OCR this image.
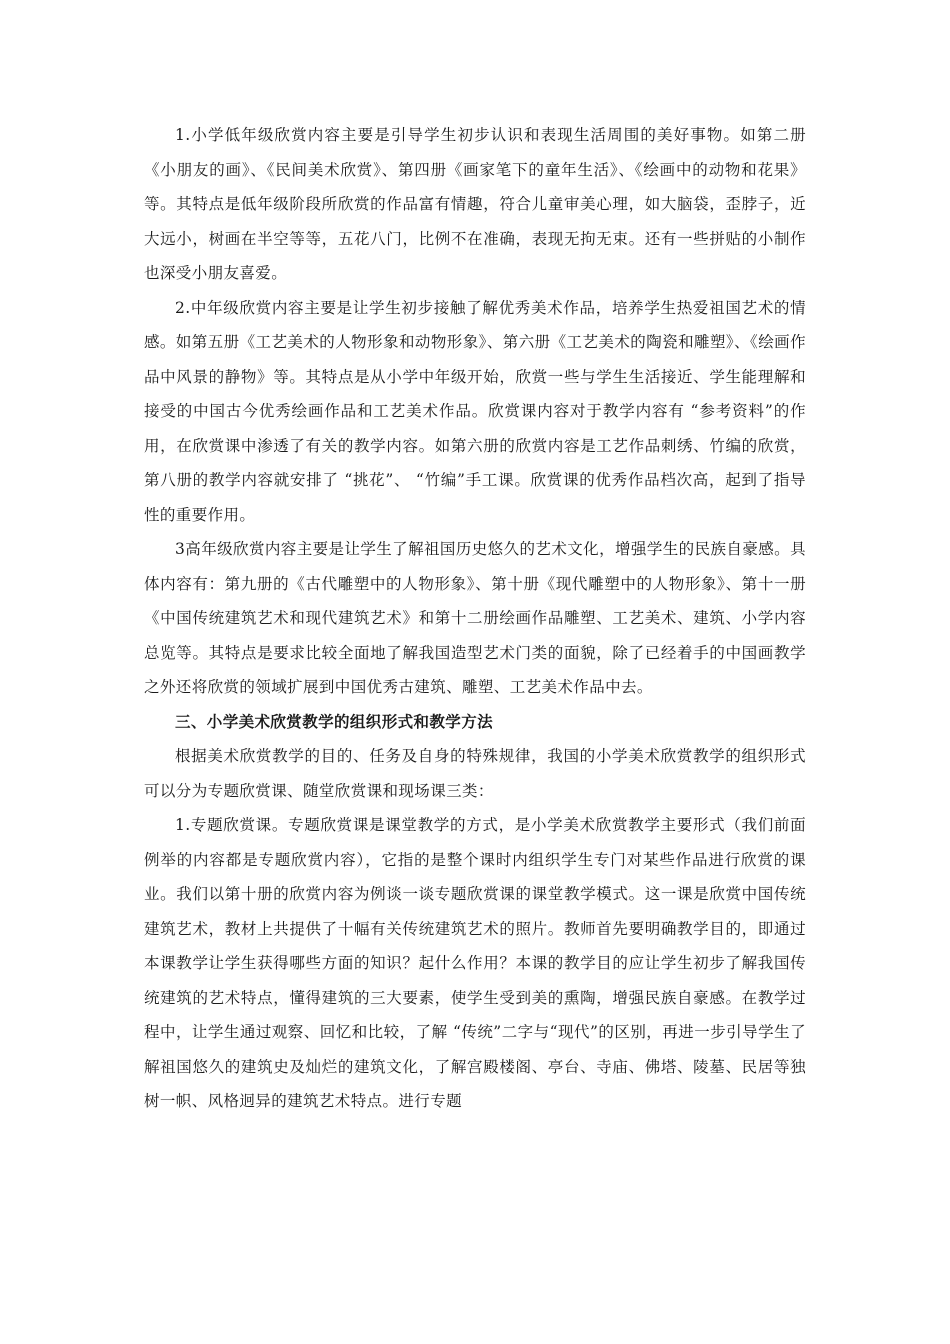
1.小学低年级欣赏内容主要是引导学生初步认识和表现生活周围的美好事物。如第二册《小朋友的画》、《民间美术欣赏》、第四册《画家笔下的童年生活》、《绘画中的动物和花果》等。其特点是低年级阶段所欣赏的作品富有情趣，符合儿童审美心理，如大脑袋，歪脖子，近大远小，树画在半空等等，五花八门，比例不在准确，表现无拘无束。还有一些拼贴的小制作也深受小朋友喜爱。

2.中年级欣赏内容主要是让学生初步接触了解优秀美术作品，培养学生热爱祖国艺术的情感。如第五册《工艺美术的人物形象和动物形象》、第六册《工艺美术的陶瓷和雕塑》、《绘画作品中风景的静物》等。其特点是从小学中年级开始，欣赏一些与学生生活接近、学生能理解和接受的中国古今优秀绘画作品和工艺美术作品。欣赏课内容对于教学内容有 “参考资料”的作用，在欣赏课中渗透了有关的教学内容。如第六册的欣赏内容是工艺作品刺绣、竹编的欣赏，第八册的教学内容就安排了 “挑花”、 “竹编”手工课。欣赏课的优秀作品档次高，起到了指导性的重要作用。

3高年级欣赏内容主要是让学生了解祖国历史悠久的艺术文化，增强学生的民族自豪感。具体内容有：第九册的《古代雕塑中的人物形象》、第十册《现代雕塑中的人物形象》、第十一册《中国传统建筑艺术和现代建筑艺术》和第十二册绘画作品雕塑、工艺美术、建筑、小学内容总览等。其特点是要求比较全面地了解我国造型艺术门类的面貌，除了已经着手的中国画教学之外还将欣赏的领域扩展到中国优秀古建筑、雕塑、工艺美术作品中去。

三、小学美术欣赏教学的组织形式和教学方法

根据美术欣赏教学的目的、任务及自身的特殊规律，我国的小学美术欣赏教学的组织形式可以分为专题欣赏课、随堂欣赏课和现场课三类：

1.专题欣赏课。专题欣赏课是课堂教学的方式，是小学美术欣赏教学主要形式（我们前面例举的内容都是专题欣赏内容），它指的是整个课时内组织学生专门对某些作品进行欣赏的课业。我们以第十册的欣赏内容为例谈一谈专题欣赏课的课堂教学模式。这一课是欣赏中国传统建筑艺术，教材上共提供了十幅有关传统建筑艺术的照片。教师首先要明确教学目的，即通过本课教学让学生获得哪些方面的知识？起什么作用？本课的教学目的应让学生初步了解我国传统建筑的艺术特点，懂得建筑的三大要素，使学生受到美的熏陶，增强民族自豪感。在教学过程中，让学生通过观察、回忆和比较，了解 “传统”二字与“现代”的区别，再进一步引导学生了解祖国悠久的建筑史及灿烂的建筑文化，了解宫殿楼阁、亭台、寺庙、佛塔、陵墓、民居等独树一帜、风格迥异的建筑艺术特点。进行专题
